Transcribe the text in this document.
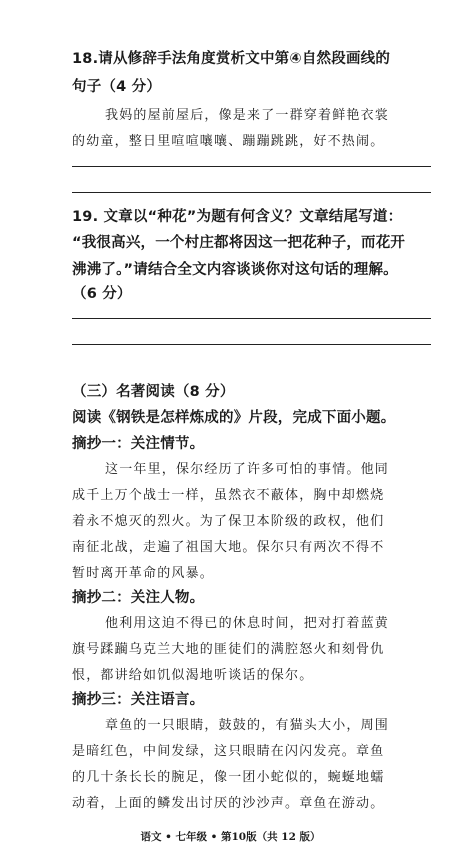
18.请从修辞手法角度赏析文中第④自然段画线的
句子（4 分）
我妈的屋前屋后，像是来了一群穿着鲜艳衣裳
的幼童，整日里喧喧嚷嚷、蹦蹦跳跳，好不热闹。
19. 文章以“种花”为题有何含义？文章结尾写道：
“我很高兴，一个村庄都将因这一把花种子，而花开
沸沸了。”请结合全文内容谈谈你对这句话的理解。
（6 分）
（三）名著阅读（8 分）
阅读《钢铁是怎样炼成的》片段，完成下面小题。
摘抄一：关注情节。
这一年里，保尔经历了许多可怕的事情。他同
成千上万个战士一样，虽然衣不蔽体，胸中却燃烧
着永不熄灭的烈火。为了保卫本阶级的政权，他们
南征北战，走遍了祖国大地。保尔只有两次不得不
暂时离开革命的风暴。
摘抄二：关注人物。
他利用这迫不得已的休息时间，把对打着蓝黄
旗号蹂躏乌克兰大地的匪徒们的满腔怒火和刻骨仇
恨，都讲给如饥似渴地听谈话的保尔。
摘抄三：关注语言。
章鱼的一只眼睛，鼓鼓的，有猫头大小，周围
是暗红色，中间发绿，这只眼睛在闪闪发亮。章鱼
的几十条长长的腕足，像一团小蛇似的，蜿蜒地蠕
动着，上面的鳞发出讨厌的沙沙声。章鱼在游动。
语文 • 七年级 • 第10版（共 12 版）
